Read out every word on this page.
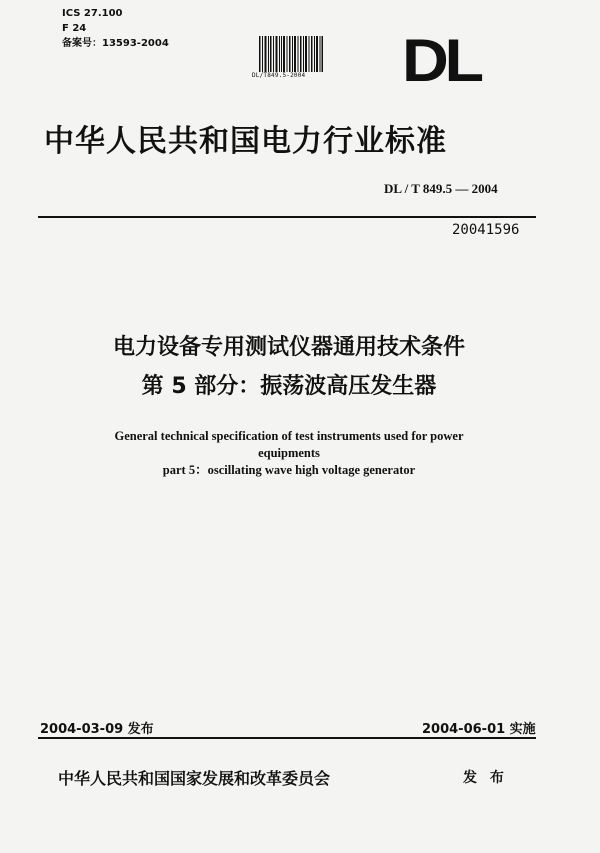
ICS 27.100
F 24
备案号：13593-2004
DL/T849.5-2004 DL
中华人民共和国电力行业标准
DL / T 849.5 — 2004
20041596
电力设备专用测试仪器通用技术条件
第 5 部分：振荡波高压发生器
General technical specification of test instruments used for power
equipments
part 5：oscillating wave high voltage generator
2004-03-09 发布	2004-06-01 实施
中华人民共和国国家发展和改革委员会	发 布
